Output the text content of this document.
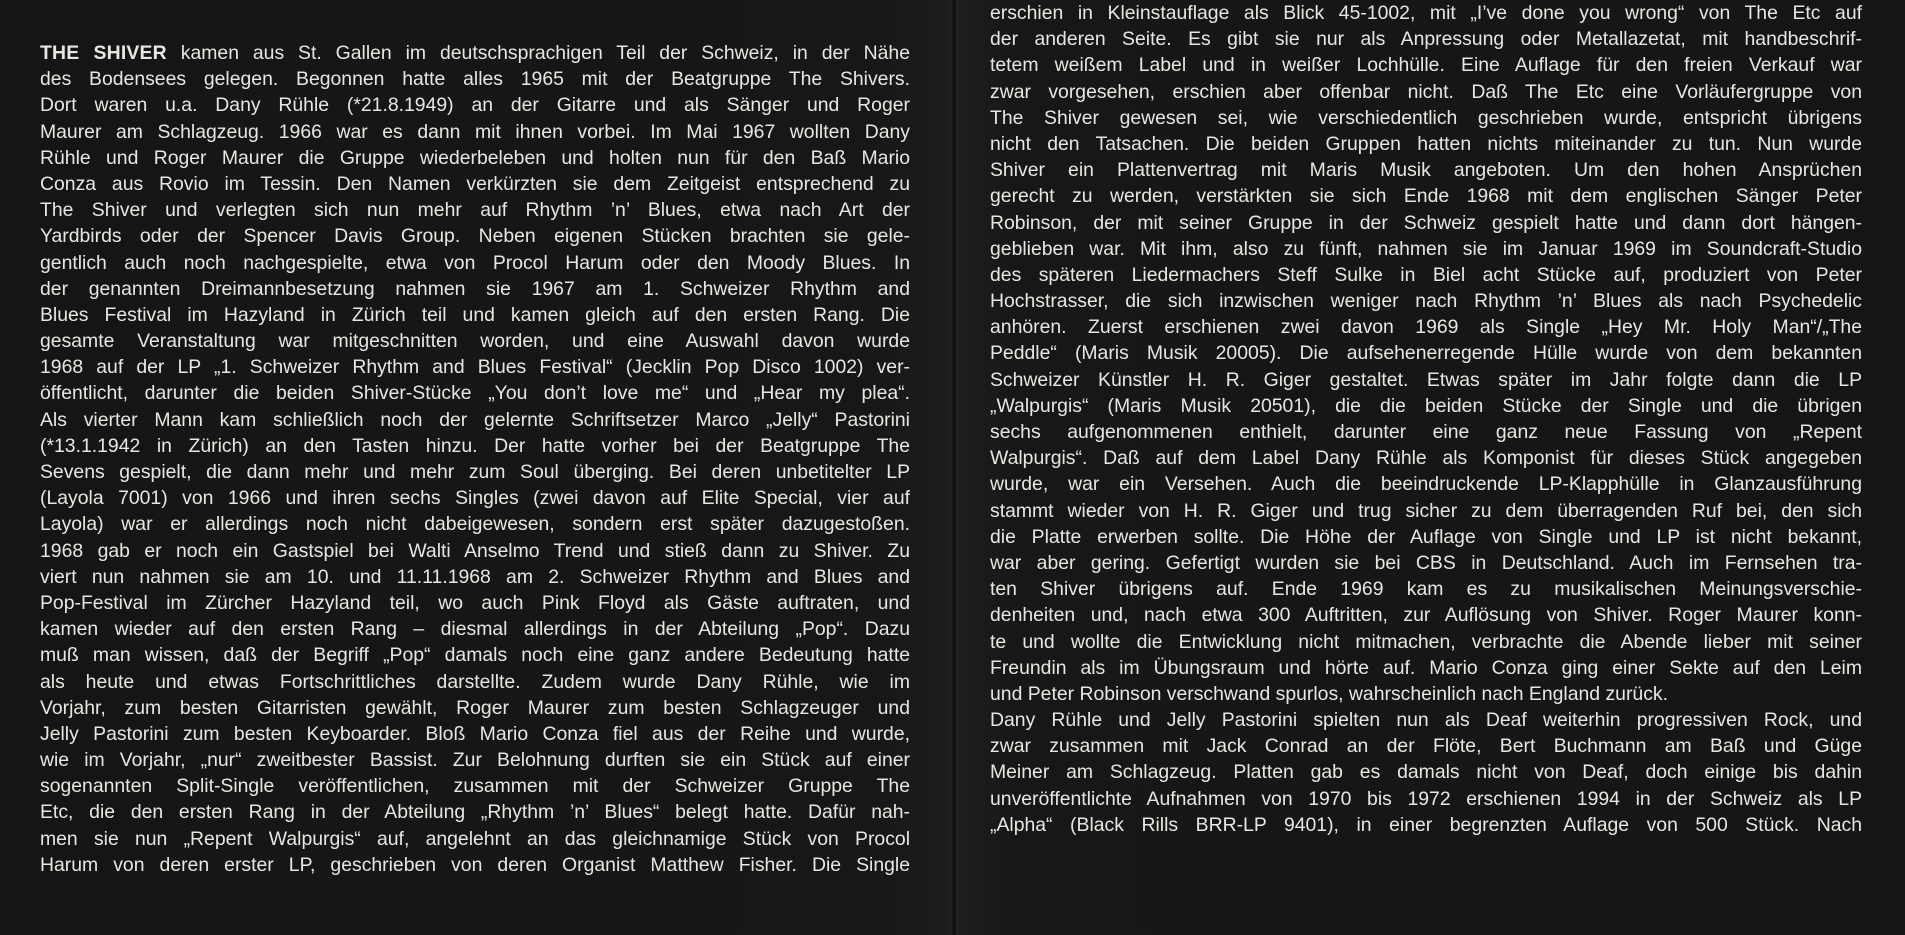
THE SHIVER kamen aus St. Gallen im deutschsprachigen Teil der Schweiz, in der Nähe
des Bodensees gelegen. Begonnen hatte alles 1965 mit der Beatgruppe The Shivers.
Dort waren u.a. Dany Rühle (*21.8.1949) an der Gitarre und als Sänger und Roger
Maurer am Schlagzeug. 1966 war es dann mit ihnen vorbei. Im Mai 1967 wollten Dany
Rühle und Roger Maurer die Gruppe wiederbeleben und holten nun für den Baß Mario
Conza aus Rovio im Tessin. Den Namen verkürzten sie dem Zeitgeist entsprechend zu
The Shiver und verlegten sich nun mehr auf Rhythm ’n’ Blues, etwa nach Art der
Yardbirds oder der Spencer Davis Group. Neben eigenen Stücken brachten sie gele-
gentlich auch noch nachgespielte, etwa von Procol Harum oder den Moody Blues. In
der genannten Dreimannbesetzung nahmen sie 1967 am 1. Schweizer Rhythm and
Blues Festival im Hazyland in Zürich teil und kamen gleich auf den ersten Rang. Die
gesamte Veranstaltung war mitgeschnitten worden, und eine Auswahl davon wurde
1968 auf der LP „1. Schweizer Rhythm and Blues Festival“ (Jecklin Pop Disco 1002) ver-
öffentlicht, darunter die beiden Shiver-Stücke „You don’t love me“ und „Hear my plea“.
Als vierter Mann kam schließlich noch der gelernte Schriftsetzer Marco „Jelly“ Pastorini
(*13.1.1942 in Zürich) an den Tasten hinzu. Der hatte vorher bei der Beatgruppe The
Sevens gespielt, die dann mehr und mehr zum Soul überging. Bei deren unbetitelter LP
(Layola 7001) von 1966 und ihren sechs Singles (zwei davon auf Elite Special, vier auf
Layola) war er allerdings noch nicht dabeigewesen, sondern erst später dazugestoßen.
1968 gab er noch ein Gastspiel bei Walti Anselmo Trend und stieß dann zu Shiver. Zu
viert nun nahmen sie am 10. und 11.11.1968 am 2. Schweizer Rhythm and Blues and
Pop-Festival im Zürcher Hazyland teil, wo auch Pink Floyd als Gäste auftraten, und
kamen wieder auf den ersten Rang – diesmal allerdings in der Abteilung „Pop“. Dazu
muß man wissen, daß der Begriff „Pop“ damals noch eine ganz andere Bedeutung hatte
als heute und etwas Fortschrittliches darstellte. Zudem wurde Dany Rühle, wie im
Vorjahr, zum besten Gitarristen gewählt, Roger Maurer zum besten Schlagzeuger und
Jelly Pastorini zum besten Keyboarder. Bloß Mario Conza fiel aus der Reihe und wurde,
wie im Vorjahr, „nur“ zweitbester Bassist. Zur Belohnung durften sie ein Stück auf einer
sogenannten Split-Single veröffentlichen, zusammen mit der Schweizer Gruppe The
Etc, die den ersten Rang in der Abteilung „Rhythm ’n’ Blues“ belegt hatte. Dafür nah-
men sie nun „Repent Walpurgis“ auf, angelehnt an das gleichnamige Stück von Procol
Harum von deren erster LP, geschrieben von deren Organist Matthew Fisher. Die Single
erschien in Kleinstauflage als Blick 45-1002, mit „I’ve done you wrong“ von The Etc auf
der anderen Seite. Es gibt sie nur als Anpressung oder Metallazetat, mit handbeschrif-
tetem weißem Label und in weißer Lochhülle. Eine Auflage für den freien Verkauf war
zwar vorgesehen, erschien aber offenbar nicht. Daß The Etc eine Vorläufergruppe von
The Shiver gewesen sei, wie verschiedentlich geschrieben wurde, entspricht übrigens
nicht den Tatsachen. Die beiden Gruppen hatten nichts miteinander zu tun. Nun wurde
Shiver ein Plattenvertrag mit Maris Musik angeboten. Um den hohen Ansprüchen
gerecht zu werden, verstärkten sie sich Ende 1968 mit dem englischen Sänger Peter
Robinson, der mit seiner Gruppe in der Schweiz gespielt hatte und dann dort hängen-
geblieben war. Mit ihm, also zu fünft, nahmen sie im Januar 1969 im Soundcraft-Studio
des späteren Liedermachers Steff Sulke in Biel acht Stücke auf, produziert von Peter
Hochstrasser, die sich inzwischen weniger nach Rhythm ’n’ Blues als nach Psychedelic
anhören. Zuerst erschienen zwei davon 1969 als Single „Hey Mr. Holy Man“/„The
Peddle“ (Maris Musik 20005). Die aufsehenerregende Hülle wurde von dem bekannten
Schweizer Künstler H. R. Giger gestaltet. Etwas später im Jahr folgte dann die LP
„Walpurgis“ (Maris Musik 20501), die die beiden Stücke der Single und die übrigen
sechs aufgenommenen enthielt, darunter eine ganz neue Fassung von „Repent
Walpurgis“. Daß auf dem Label Dany Rühle als Komponist für dieses Stück angegeben
wurde, war ein Versehen. Auch die beeindruckende LP-Klapphülle in Glanzausführung
stammt wieder von H. R. Giger und trug sicher zu dem überragenden Ruf bei, den sich
die Platte erwerben sollte. Die Höhe der Auflage von Single und LP ist nicht bekannt,
war aber gering. Gefertigt wurden sie bei CBS in Deutschland. Auch im Fernsehen tra-
ten Shiver übrigens auf. Ende 1969 kam es zu musikalischen Meinungsverschie-
denheiten und, nach etwa 300 Auftritten, zur Auflösung von Shiver. Roger Maurer konn-
te und wollte die Entwicklung nicht mitmachen, verbrachte die Abende lieber mit seiner
Freundin als im Übungsraum und hörte auf. Mario Conza ging einer Sekte auf den Leim
und Peter Robinson verschwand spurlos, wahrscheinlich nach England zurück.
Dany Rühle und Jelly Pastorini spielten nun als Deaf weiterhin progressiven Rock, und
zwar zusammen mit Jack Conrad an der Flöte, Bert Buchmann am Baß und Güge
Meiner am Schlagzeug. Platten gab es damals nicht von Deaf, doch einige bis dahin
unveröffentlichte Aufnahmen von 1970 bis 1972 erschienen 1994 in der Schweiz als LP
„Alpha“ (Black Rills BRR-LP 9401), in einer begrenzten Auflage von 500 Stück. Nach
